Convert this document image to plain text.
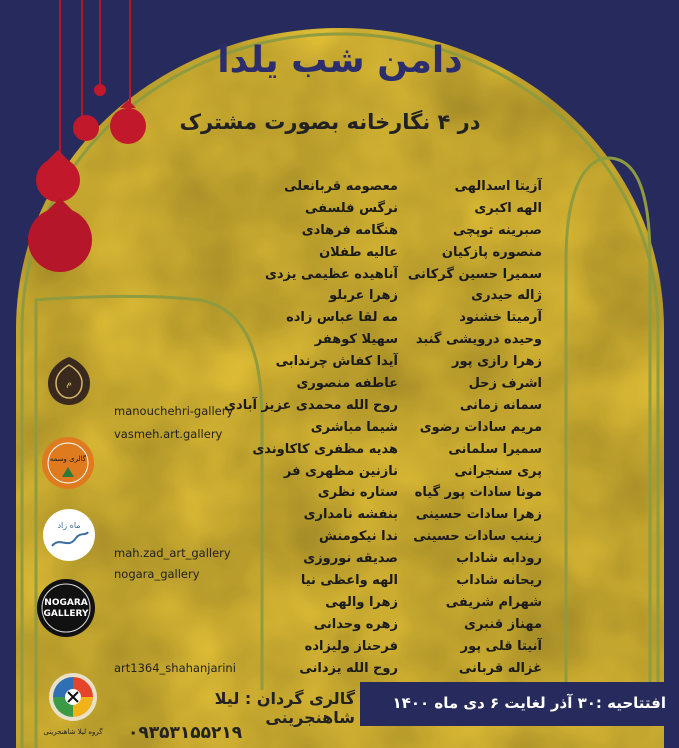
دامن شب یلدا
در ۴ نگارخانه بصورت مشترک
آزیتا اسدالهی
الهه اکبری
صبرینه توپچی
منصوره پازکیان
سمیرا حسین گرکانی
ژاله حیدری
آرمیتا خشنود
وحیده درویشی گنبد
زهرا رازی پور
اشرف زحل
سمانه زمانی
مریم سادات رضوی
سمیرا سلمانی
پری سنجرانی
مونا سادات پور گیاه
زهرا سادات حسینی
زینب سادات حسینی
رودابه شاداب
ریحانه شاداب
شهرام شریفی
مهناز قنبری
آنیتا قلی پور
غزاله قربانی
معصومه قربانعلی
نرگس فلسفی
هنگامه فرهادی
عالیه طفلان
آناهیده عظیمی یزدی
زهرا عربلو
مه لقا عباس زاده
سهیلا کوهفر
آیدا کفاش چرندابی
عاطفه منصوری
روح الله محمدی عزیز آبادی
شیما مباشری
هدیه مظفری کاکاوندی
نازنین مظهری فر
ستاره نظری
بنفشه نامداری
ندا نیکومنش
صدیقه نوروزی
الهه واعظی نیا
زهرا والهی
زهره وحدانی
فرحناز ولیزاده
روح الله یزدانی
م
گالری وسمه
ماه زاد
NOGARA
GALLERY
گروه لیلا شاهنجرینی
manouchehri-gallery
vasmeh.art.gallery
mah.zad_art_gallery
nogara_gallery
art1364_shahanjarini
افتتاحیه :۳۰ آذر لغایت ۶ دی ماه ۱۴۰۰
گالری گردان : لیلا شاهنجرینی
۰۹۳۵۳۱۵۵۲۱۹
